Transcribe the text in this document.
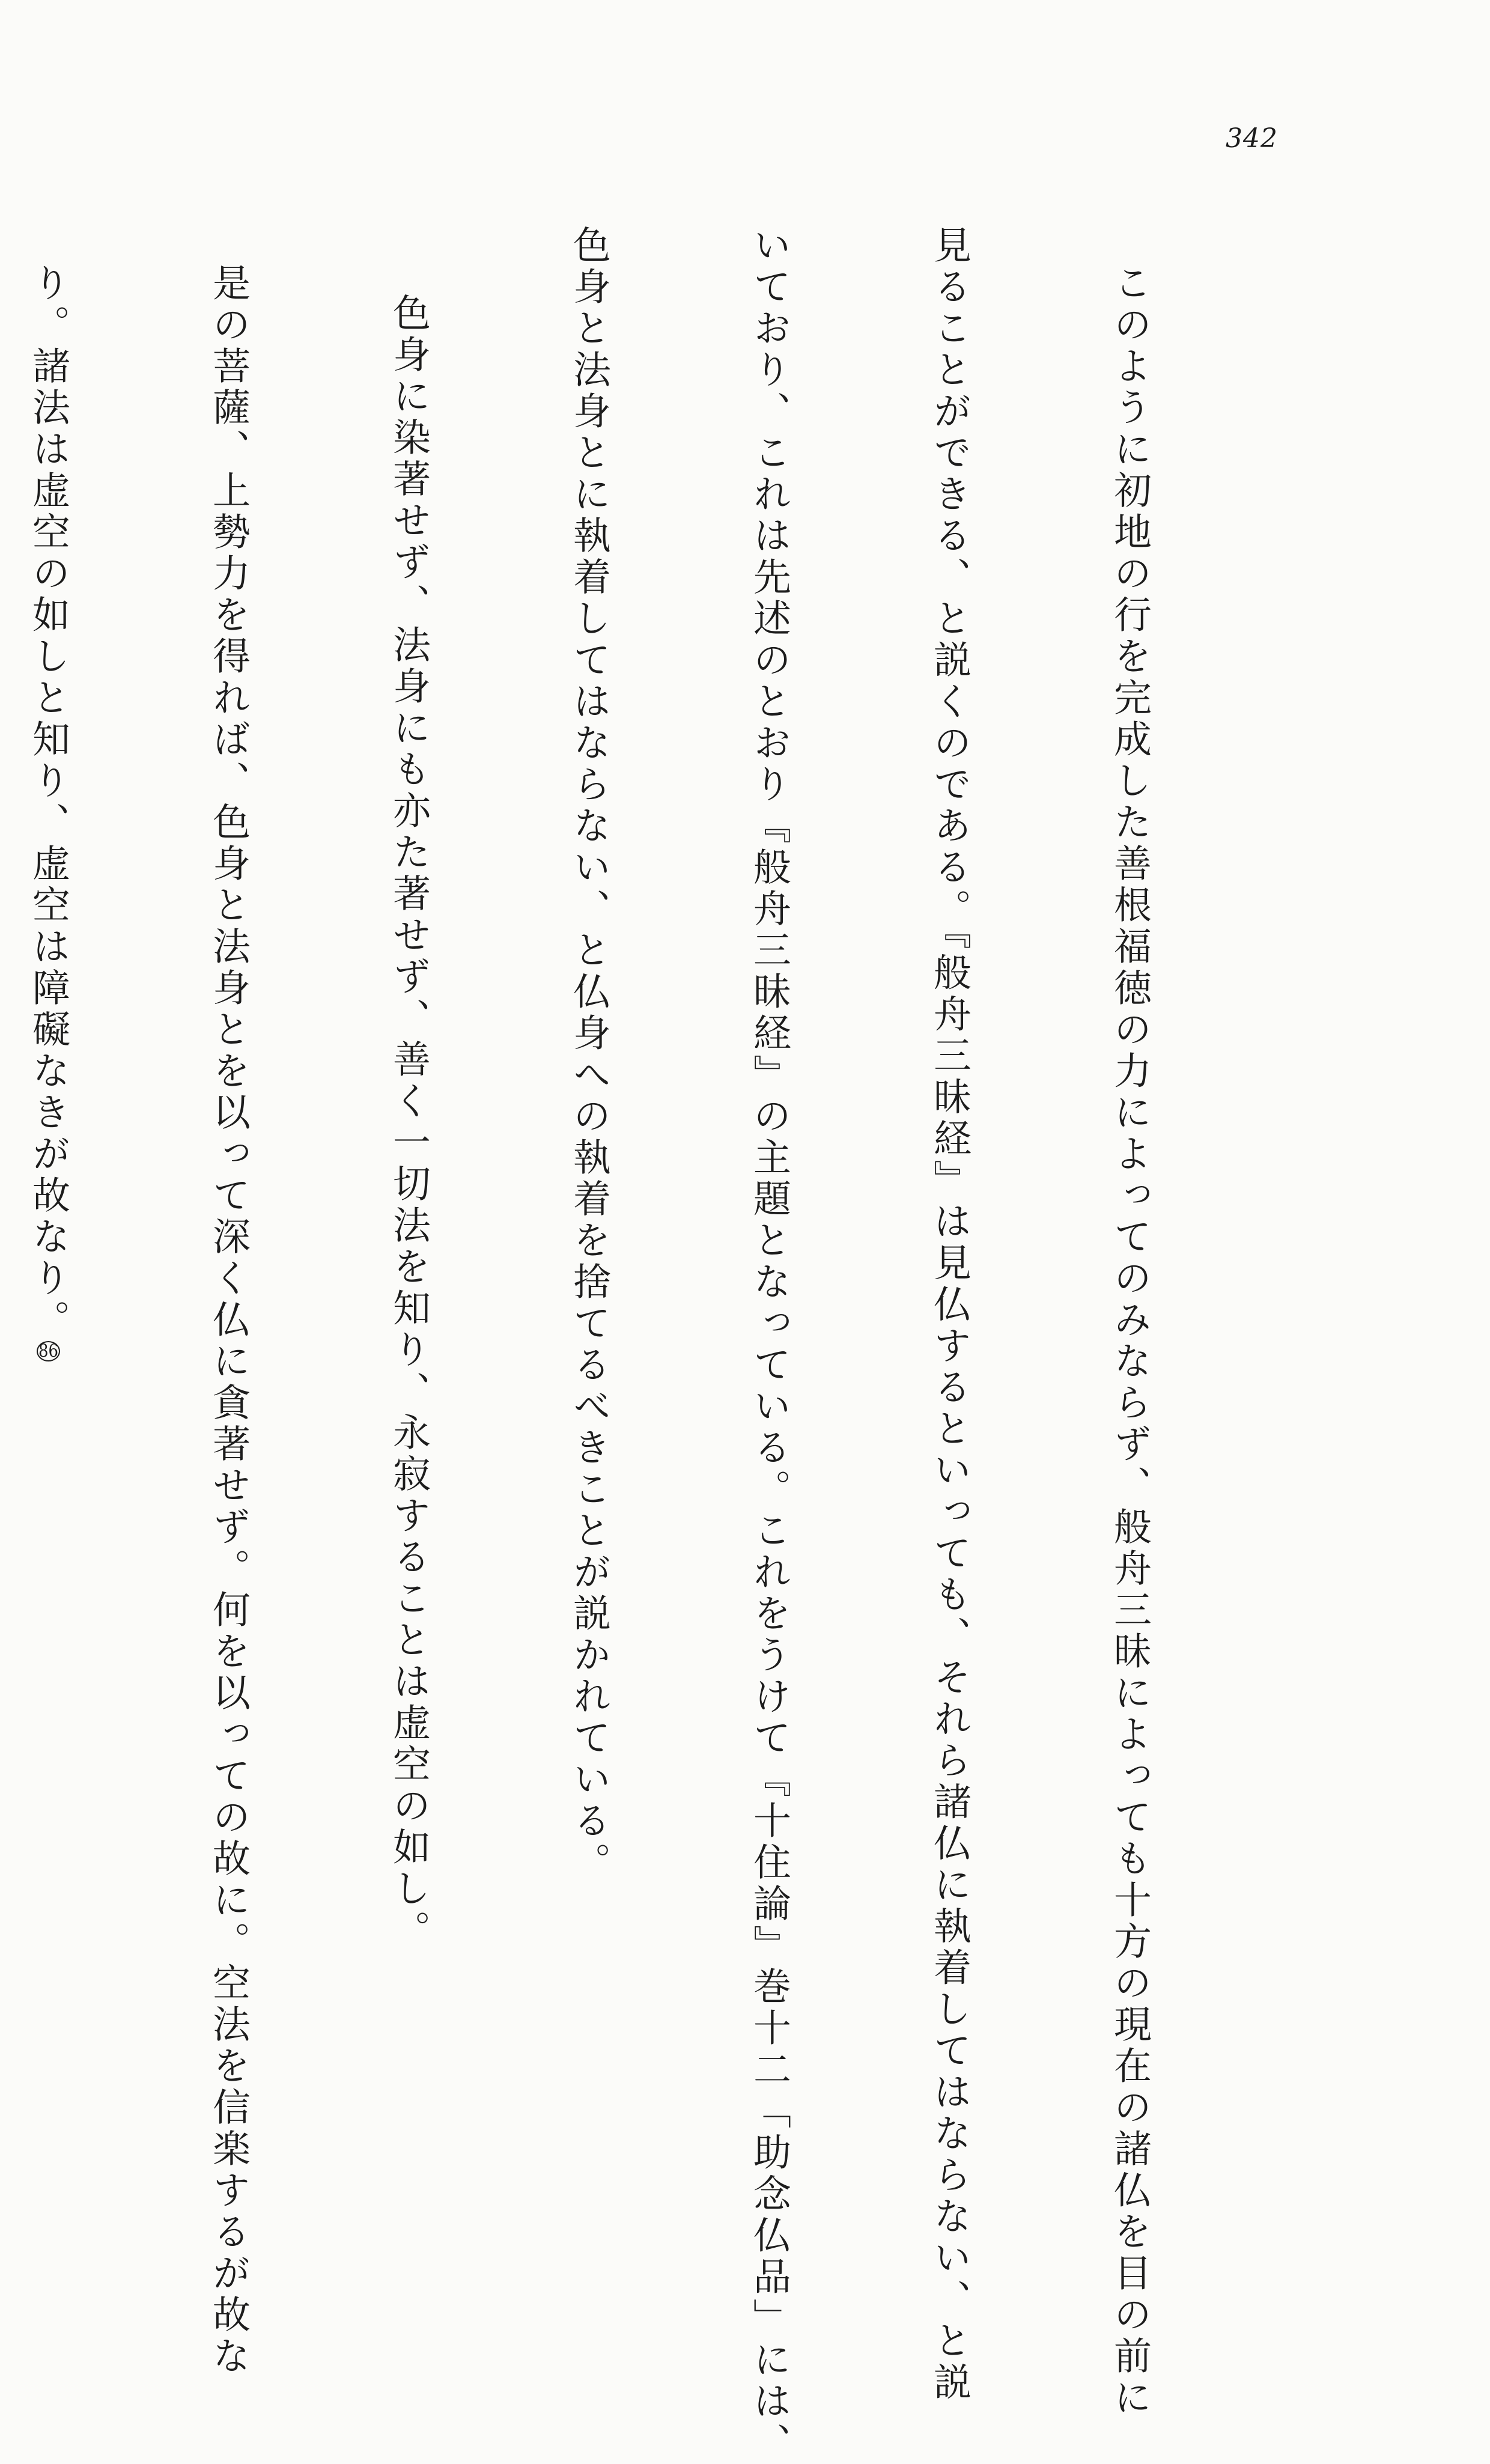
342

このように初地の行を完成した善根福徳の力によってのみならず、般舟三昧によっても十方の現在の諸仏を目の前に

見ることができる、と説くのである。『般舟三昧経』は見仏するといっても、それら諸仏に執着してはならない、と説

いており、これは先述のとおり『般舟三昧経』の主題となっている。これをうけて『十住論』巻十二「助念仏品」には、

色身と法身とに執着してはならない、と仏身への執着を捨てるべきことが説かれている。

色身に染著せず、法身にも亦た著せず、善く一切法を知り、永寂することは虚空の如し。

是の菩薩、上勢力を得れば、色身と法身とを以って深く仏に貪著せず。何を以っての故に。空法を信楽するが故な

り。諸法は虚空の如しと知り、虚空は障礙なきが故なり。86
